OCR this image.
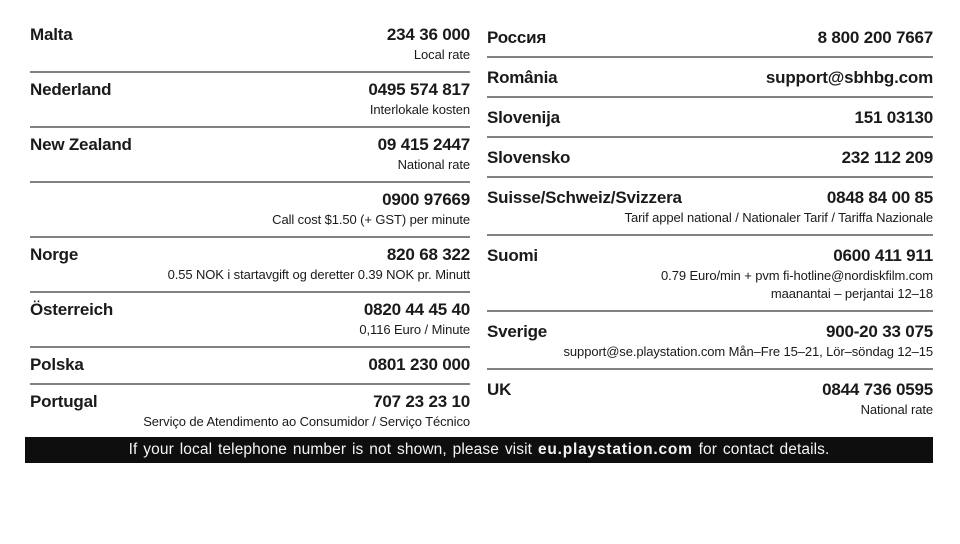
Malta	234 36 000
Local rate
Nederland	0495 574 817
Interlokale kosten
New Zealand	09 415 2447
National rate
0900 97669
Call cost $1.50 (+ GST) per minute
Norge	820 68 322
0.55 NOK i startavgift og deretter 0.39 NOK pr. Minutt
Österreich	0820 44 45 40
0,116 Euro / Minute
Polska	0801 230 000
Portugal	707 23 23 10
Serviço de Atendimento ao Consumidor / Serviço Técnico
Россия	8 800 200 7667
România	support@sbhbg.com
Slovenija	151 03130
Slovensko	232 112 209
Suisse/Schweiz/Svizzera	0848 84 00 85
Tarif appel national / Nationaler Tarif / Tariffa Nazionale
Suomi	0600 411 911
0.79 Euro/min + pvm fi-hotline@nordiskfilm.com
maanantai – perjantai 12–18
Sverige	900-20 33 075
support@se.playstation.com Mån–Fre 15–21, Lör–söndag 12–15
UK	0844 736 0595
National rate
If your local telephone number is not shown, please visit eu.playstation.com for contact details.
